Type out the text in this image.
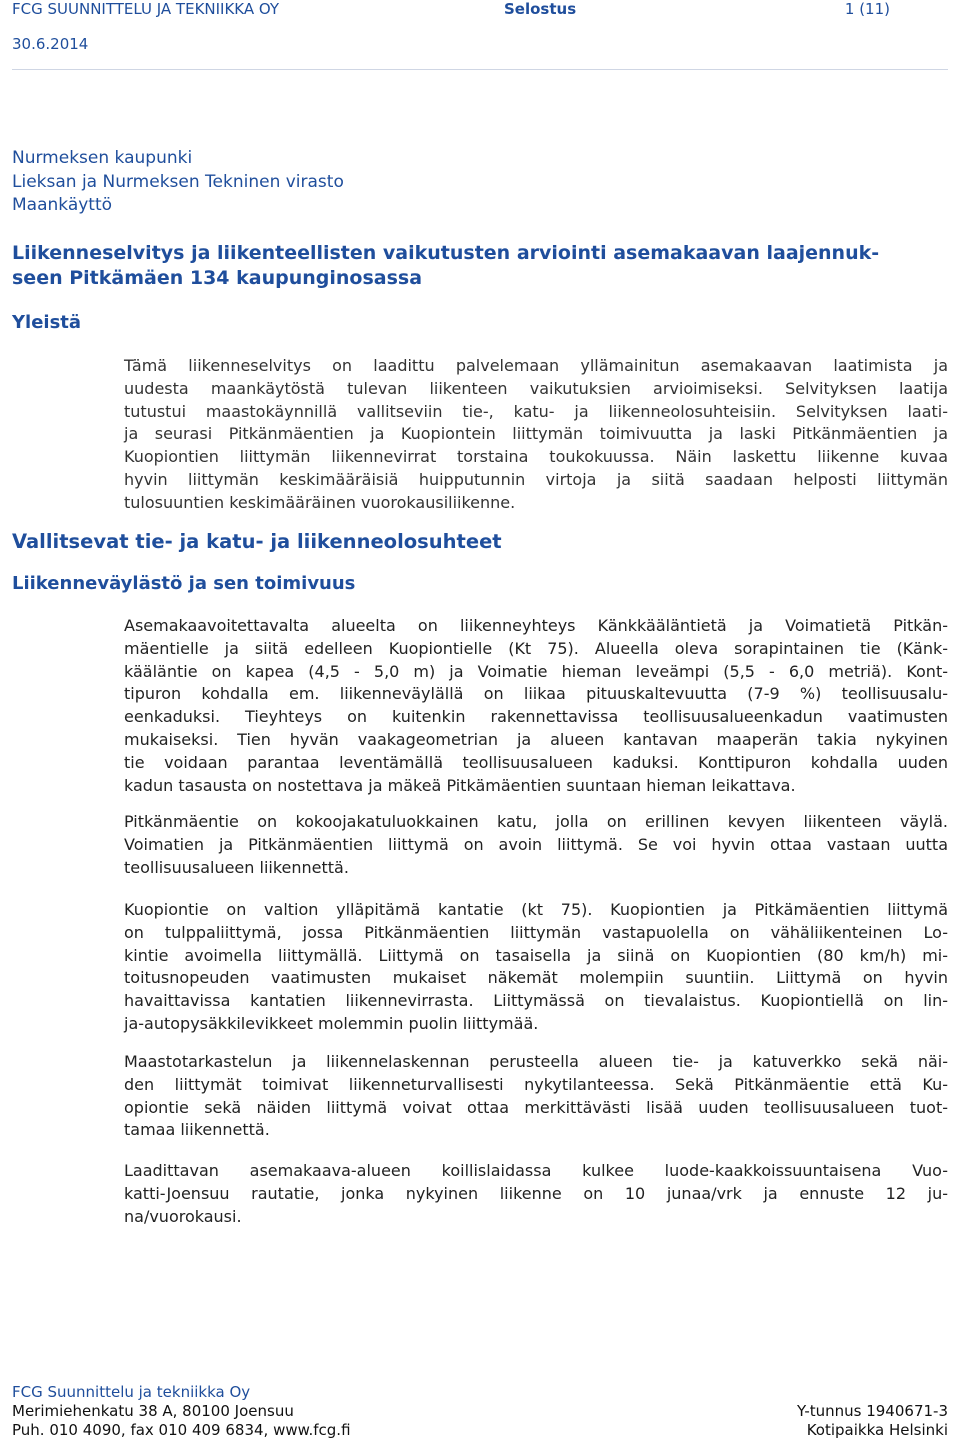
FCG SUUNNITTELU JA TEKNIIKKA OY	Selostus	1 (11)
30.6.2014
Nurmeksen kaupunki
Lieksan ja Nurmeksen Tekninen virasto
Maankäyttö
Liikenneselvitys ja liikenteellisten vaikutusten arviointi asemakaavan laajennuk-
seen Pitkämäen 134 kaupunginosassa
Yleistä
Tämä liikenneselvitys on laadittu palvelemaan yllämainitun asemakaavan laatimista ja
uudesta maankäytöstä tulevan liikenteen vaikutuksien arvioimiseksi. Selvityksen laatija
tutustui maastokäynnillä vallitseviin tie-, katu- ja liikenneolosuhteisiin. Selvityksen laati-
ja seurasi Pitkänmäentien ja Kuopiontein liittymän toimivuutta ja laski Pitkänmäentien ja
Kuopiontien liittymän liikennevirrat torstaina toukokuussa. Näin laskettu liikenne kuvaa
hyvin liittymän keskimääräisiä huipputunnin virtoja ja siitä saadaan helposti liittymän
tulosuuntien keskimääräinen vuorokausiliikenne.
Vallitsevat tie- ja katu- ja liikenneolosuhteet
Liikenneväylästö ja sen toimivuus
Asemakaavoitettavalta alueelta on liikenneyhteys Känkkääläntietä ja Voimatietä Pitkän-
mäentielle ja siitä edelleen Kuopiontielle (Kt 75). Alueella oleva sorapintainen tie (Känk-
kääläntie on kapea (4,5 - 5,0 m) ja Voimatie hieman leveämpi (5,5 - 6,0 metriä). Kont-
tipuron kohdalla em. liikenneväylällä on liikaa pituuskaltevuutta (7-9 %) teollisuusalu-
eenkaduksi. Tieyhteys on kuitenkin rakennettavissa teollisuusalueenkadun vaatimusten
mukaiseksi. Tien hyvän vaakageometrian ja alueen kantavan maaperän takia nykyinen
tie voidaan parantaa leventämällä teollisuusalueen kaduksi. Konttipuron kohdalla uuden
kadun tasausta on nostettava ja mäkeä Pitkämäentien suuntaan hieman leikattava.
Pitkänmäentie on kokoojakatuluokkainen katu, jolla on erillinen kevyen liikenteen väylä.
Voimatien ja Pitkänmäentien liittymä on avoin liittymä. Se voi hyvin ottaa vastaan uutta
teollisuusalueen liikennettä.
Kuopiontie on valtion ylläpitämä kantatie (kt 75). Kuopiontien ja Pitkämäentien liittymä
on tulppaliittymä, jossa Pitkänmäentien liittymän vastapuolella on vähäliikenteinen Lo-
kintie avoimella liittymällä. Liittymä on tasaisella ja siinä on Kuopiontien (80 km/h) mi-
toitusnopeuden vaatimusten mukaiset näkemät molempiin suuntiin. Liittymä on hyvin
havaittavissa kantatien liikennevirrasta. Liittymässä on tievalaistus. Kuopiontiellä on lin-
ja-autopysäkkilevikkeet molemmin puolin liittymää.
Maastotarkastelun ja liikennelaskennan perusteella alueen tie- ja katuverkko sekä näi-
den liittymät toimivat liikenneturvallisesti nykytilanteessa. Sekä Pitkänmäentie että Ku-
opiontie sekä näiden liittymä voivat ottaa merkittävästi lisää uuden teollisuusalueen tuot-
tamaa liikennettä.
Laadittavan asemakaava-alueen koillislaidassa kulkee luode-kaakkoissuuntaisena Vuo-
katti-Joensuu rautatie, jonka nykyinen liikenne on 10 junaa/vrk ja ennuste 12 ju-
na/vuorokausi.
FCG Suunnittelu ja tekniikka Oy
Merimiehenkatu 38 A, 80100 Joensuu
Puh. 010 4090, fax 010 409 6834, www.fcg.fi
Y-tunnus 1940671-3
Kotipaikka Helsinki
